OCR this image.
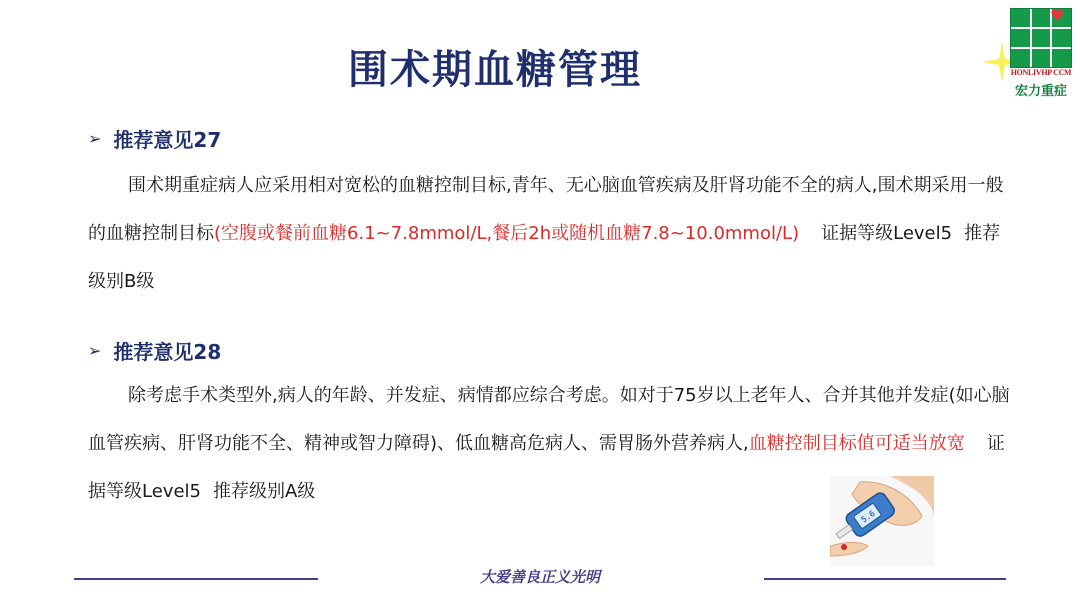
围术期血糖管理
♥
HONLIVHP CCM
宏力重症
➢ 推荐意见27
围术期重症病人应采用相对宽松的血糖控制目标,青年、无心脑血管疾病及肝肾功能不全的病人,围术期采用一般的血糖控制目标(空腹或餐前血糖6.1~7.8mmol/L,餐后2h或随机血糖7.8~10.0mmol/L) 证据等级Level5 推荐级别B级
➢ 推荐意见28
除考虑手术类型外,病人的年龄、并发症、病情都应综合考虑。如对于75岁以上老年人、合并其他并发症(如心脑血管疾病、肝肾功能不全、精神或智力障碍)、低血糖高危病人、需胃肠外营养病人,血糖控制目标值可适当放宽 证据等级Level5 推荐级别A级
5.6
大爱善良正义光明
